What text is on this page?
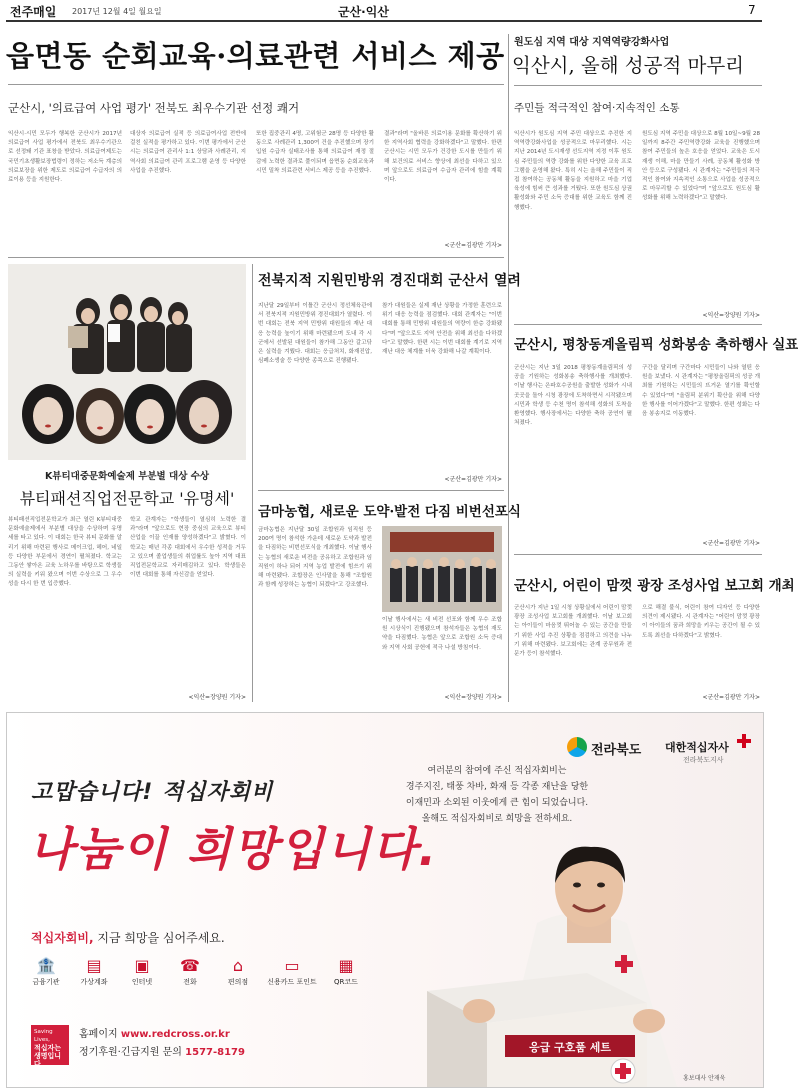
전주매일 2017년 12월 4일 월요일	군산·익산	7
읍면동 순회교육·의료관련 서비스 제공
군산시, '의료급여 사업 평가' 전북도 최우수기관 선정 쾌거
익산시·시민 모두가 행복한 군산시가 2017년 의료급여 사업 평가에서 전북도 최우수기관으로 선정돼 기관 표창을 받았다. 의료급여제도는 국민기초생활보장법령이 정하는 저소득 계층의 의료보장을 위한 제도로 의료급여 수급자의 의료이용 등을 지원한다.
대상자 의료급여 실적 등 의료급여사업 전반에 걸친 실적을 평가하고 있다. 이번 평가에서 군산시는 의료급여 관리사 1:1 상담과 사례관리, 지역사회 의료급여 관리 프로그램 운영 등 다양한 사업을 추진했다.
또한 집중관리 4명, 고위험군 28명 등 다양한 활동으로 사례관리 1,300여 건을 추진했으며 장기입원 수급자 실태조사를 통해 의료급여 재정 절감에 노력한 결과로 풀이되며 읍면동 순회교육과 시민 밀착 의료관련 서비스 제공 등을 추진했다.
결과"라며 "올바른 의료이용 문화를 확산하기 위한 지역사회 협력을 강화하겠다"고 말했다. 한편 군산시는 시민 모두가 건강한 도시를 만들기 위해 보건의료 서비스 향상에 최선을 다하고 있으며 앞으로도 의료급여 수급자 관리에 힘쓸 계획이다.
<군산=김광만 기자>
원도심 지역 대상 지역역량강화사업
익산시, 올해 성공적 마무리
주민들 적극적인 참여·지속적인 소통
익산시가 원도심 지역 주민 대상으로 추진한 지역역량강화사업을 성공적으로 마무리했다. 시는 지난 2014년 도시재생 선도지역 지정 이후 원도심 주민들의 역량 강화를 위한 다양한 교육 프로그램을 운영해 왔다. 특히 시는 올해 주민들이 직접 참여하는 공동체 활동을 지원하고 마을 기업 육성에 힘써 큰 성과를 거뒀다. 또한 원도심 상권 활성화와 주민 소득 증대를 위한 교육도 함께 진행했다.
원도심 지역 주민을 대상으로 8월 10일~9월 28일까지 8주간 주민역량강화 교육을 진행했으며 참여 주민들의 높은 호응을 얻었다. 교육은 도시재생 이해, 마을 만들기 사례, 공동체 활성화 방안 등으로 구성됐다. 시 관계자는 "주민들의 적극적인 참여와 지속적인 소통으로 사업을 성공적으로 마무리할 수 있었다"며 "앞으로도 원도심 활성화를 위해 노력하겠다"고 말했다.
<익산=장양원 기자>
K뷰티대중문화예술제 부분별 대상 수상
뷰티패션직업전문학교 '유명세'
뷰티패션직업전문학교가 최근 열린 K뷰티대중문화예술제에서 부분별 대상을 수상하며 유명세를 타고 있다. 이 대회는 한국 뷰티 문화를 알리기 위해 마련된 행사로 메이크업, 헤어, 네일 등 다양한 부문에서 경연이 펼쳐졌다. 학교는 그동안 쌓아온 교육 노하우를 바탕으로 학생들의 실력을 키워 왔으며 이번 수상으로 그 우수성을 다시 한 번 입증했다.
학교 관계자는 "학생들이 열심히 노력한 결과"라며 "앞으로도 현장 중심의 교육으로 뷰티 산업을 이끌 인재를 양성하겠다"고 밝혔다. 이 학교는 매년 각종 대회에서 우수한 성적을 거두고 있으며 졸업생들의 취업률도 높아 지역 대표 직업전문학교로 자리매김하고 있다. 학생들은 이번 대회를 통해 자신감을 얻었다.
<익산=장양원 기자>
전북지적 지원민방위 경진대회 군산서 열려
지난달 29일부터 이틀간 군산시 정선체육관에서 전북지적 지원민방위 경진대회가 열렸다. 이번 대회는 전북 지역 민방위 대원들의 재난 대응 능력을 높이기 위해 마련됐으며 도내 각 시군에서 선발된 대원들이 참가해 그동안 갈고닦은 실력을 겨뤘다. 대회는 응급처치, 화재진압, 심폐소생술 등 다양한 종목으로 진행됐다.
참가 대원들은 실제 재난 상황을 가정한 훈련으로 위기 대응 능력을 점검했다. 대회 관계자는 "이번 대회를 통해 민방위 대원들의 역량이 한층 강화됐다"며 "앞으로도 지역 안전을 위해 최선을 다하겠다"고 말했다. 한편 시는 이번 대회를 계기로 지역 재난 대응 체계를 더욱 강화해 나갈 계획이다.
<군산=김광만 기자>
금마농협, 새로운 도약·발전 다짐 비번선포식
금마농협은 지난달 30일 조합원과 임직원 등 200여 명이 참석한 가운데 새로운 도약과 발전을 다짐하는 비번선포식을 개최했다. 이날 행사는 농협의 새로운 비전을 공유하고 조합원과 임직원이 하나 되어 지역 농업 발전에 힘쓰기 위해 마련됐다. 조합장은 인사말을 통해 "조합원과 함께 성장하는 농협이 되겠다"고 강조했다.
이날 행사에서는 새 비전 선포와 함께 우수 조합원 시상식이 진행됐으며 참석자들은 농협의 재도약을 다짐했다. 농협은 앞으로 조합원 소득 증대와 지역 사회 공헌에 적극 나설 방침이다.
<익산=장양원 기자>
군산시, 평창동계올림픽 성화봉송 축하행사 실표
군산시는 지난 3일 2018 평창동계올림픽의 성공을 기원하는 성화봉송 축하행사를 개최했다. 이날 행사는 은파호수공원을 출발한 성화가 시내 곳곳을 돌아 시청 광장에 도착하면서 시작됐으며 시민과 학생 등 수천 명이 참석해 성화의 도착을 환영했다. 행사장에서는 다양한 축하 공연이 펼쳐졌다.
구간을 달리며 구간마다 시민들이 나와 열띤 응원을 보냈다. 시 관계자는 "평창올림픽의 성공 개최를 기원하는 시민들의 뜨거운 열기를 확인할 수 있었다"며 "올림픽 분위기 확산을 위해 다양한 행사를 이어가겠다"고 말했다. 한편 성화는 다음 봉송지로 이동했다.
<군산=김광만 기자>
군산시, 어린이 맘껏 광장 조성사업 보고회 개최
군산시가 지난 1일 시청 상황실에서 어린이 맘껏 광장 조성사업 보고회를 개최했다. 이날 보고회는 아이들이 마음껏 뛰어놀 수 있는 공간을 만들기 위한 사업 추진 상황을 점검하고 의견을 나누기 위해 마련됐다. 보고회에는 관계 공무원과 전문가 등이 참석했다.
으로 해결 불식, 어린이 참여 디자인 등 다양한 의견이 제시됐다. 시 관계자는 "어린이 맘껏 광장이 아이들의 꿈과 희망을 키우는 공간이 될 수 있도록 최선을 다하겠다"고 밝혔다.
<군산=김광만 기자>
전라북도 대한적십자사
전라북도지사
고맙습니다! 적십자회비
나눔이 희망입니다.
여러분의 참여에 주신 적십자회비는
경주지진, 태풍 차바, 화재 등 각종 재난을 당한
이재민과 소외된 이웃에게 큰 힘이 되었습니다.
올해도 적십자회비로 희망을 전하세요.
적십자회비, 지금 희망을 심어주세요.
🏦
금융기관
▤
가상계좌
▣
인터넷
☎
전화
⌂
편의점
▭
신용카드 포인트
▦
QR코드
Saving Lives,
적십자는
생명입니다
홈페이지 www.redcross.or.kr
정기후원·긴급지원 문의 1577-8179	응급 구호품 세트
홍보대사 안재욱
